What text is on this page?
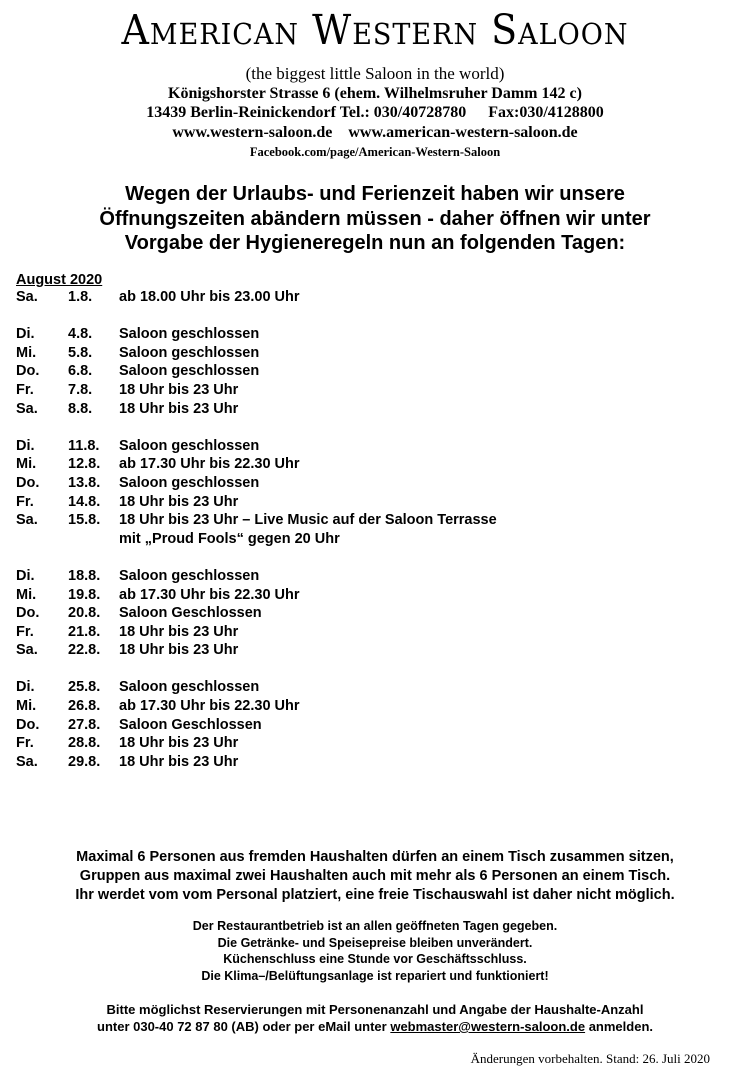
American Western Saloon
(the biggest little Saloon in the world)
Königshorster Strasse 6 (ehem. Wilhelmsruher Damm 142 c)
13439 Berlin-Reinickendorf Tel.: 030/40728780 Fax:030/4128800
www.western-saloon.de www.american-western-saloon.de
Facebook.com/page/American-Western-Saloon
Wegen der Urlaubs- und Ferienzeit haben wir unsere
Öffnungszeiten abändern müssen - daher öffnen wir unter
Vorgabe der Hygieneregeln nun an folgenden Tagen:
August 2020
Sa. 1.8. ab 18.00 Uhr bis 23.00 Uhr
Di. 4.8. Saloon geschlossen
Mi. 5.8. Saloon geschlossen
Do. 6.8. Saloon geschlossen
Fr. 7.8. 18 Uhr bis 23 Uhr
Sa. 8.8. 18 Uhr bis 23 Uhr
Di. 11.8. Saloon geschlossen
Mi. 12.8. ab 17.30 Uhr bis 22.30 Uhr
Do. 13.8. Saloon geschlossen
Fr. 14.8. 18 Uhr bis 23 Uhr
Sa. 15.8. 18 Uhr bis 23 Uhr – Live Music auf der Saloon Terrasse
mit „Proud Fools“ gegen 20 Uhr
Di. 18.8. Saloon geschlossen
Mi. 19.8. ab 17.30 Uhr bis 22.30 Uhr
Do. 20.8. Saloon Geschlossen
Fr. 21.8. 18 Uhr bis 23 Uhr
Sa. 22.8. 18 Uhr bis 23 Uhr
Di. 25.8. Saloon geschlossen
Mi. 26.8. ab 17.30 Uhr bis 22.30 Uhr
Do. 27.8. Saloon Geschlossen
Fr. 28.8. 18 Uhr bis 23 Uhr
Sa. 29.8. 18 Uhr bis 23 Uhr
Maximal 6 Personen aus fremden Haushalten dürfen an einem Tisch zusammen sitzen,
Gruppen aus maximal zwei Haushalten auch mit mehr als 6 Personen an einem Tisch.
Ihr werdet vom vom Personal platziert, eine freie Tischauswahl ist daher nicht möglich.
Der Restaurantbetrieb ist an allen geöffneten Tagen gegeben.
Die Getränke- und Speisepreise bleiben unverändert.
Küchenschluss eine Stunde vor Geschäftsschluss.
Die Klima–/Belüftungsanlage ist repariert und funktioniert!
Bitte möglichst Reservierungen mit Personenanzahl und Angabe der Haushalte-Anzahl
unter 030-40 72 87 80 (AB) oder per eMail unter webmaster@western-saloon.de anmelden.
Änderungen vorbehalten. Stand: 26. Juli 2020
